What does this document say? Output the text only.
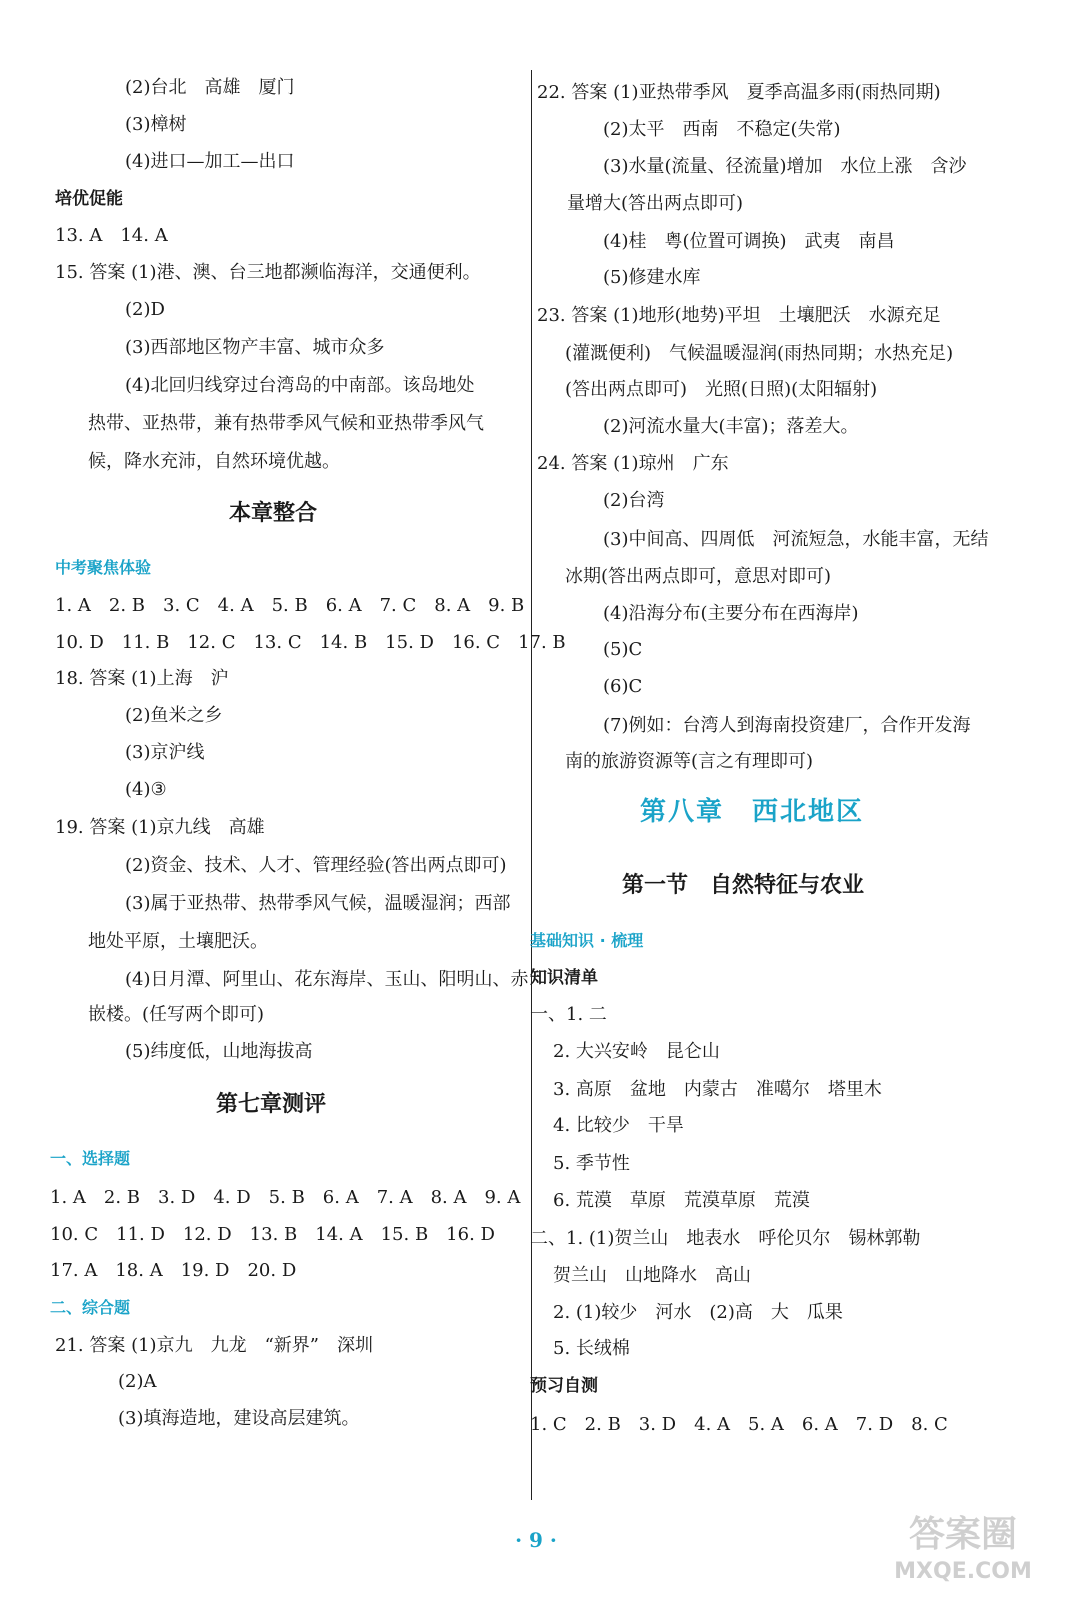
(2)台北　高雄　厦门
(3)樟树
(4)进口—加工—出口
培优促能
13. A　14. A
15. 答案 (1)港、澳、台三地都濒临海洋，交通便利。
(2)D
(3)西部地区物产丰富、城市众多
(4)北回归线穿过台湾岛的中南部。该岛地处
热带、亚热带，兼有热带季风气候和亚热带季风气
候，降水充沛，自然环境优越。
本章整合
中考聚焦体验
1. A　2. B　3. C　4. A　5. B　6. A　7. C　8. A　9. B
10. D　11. B　12. C　13. C　14. B　15. D　16. C　17. B
18. 答案 (1)上海　沪
(2)鱼米之乡
(3)京沪线
(4)③
19. 答案 (1)京九线　高雄
(2)资金、技术、人才、管理经验(答出两点即可)
(3)属于亚热带、热带季风气候，温暖湿润；西部
地处平原，土壤肥沃。
(4)日月潭、阿里山、花东海岸、玉山、阳明山、赤
嵌楼。(任写两个即可)
(5)纬度低，山地海拔高
第七章测评
一、选择题
1. A　2. B　3. D　4. D　5. B　6. A　7. A　8. A　9. A
10. C　11. D　12. D　13. B　14. A　15. B　16. D
17. A　18. A　19. D　20. D
二、综合题
21. 答案 (1)京九　九龙　“新界”　深圳
(2)A
(3)填海造地，建设高层建筑。
22. 答案 (1)亚热带季风　夏季高温多雨(雨热同期)
(2)太平　西南　不稳定(失常)
(3)水量(流量、径流量)增加　水位上涨　含沙
量增大(答出两点即可)
(4)桂　粤(位置可调换)　武夷　南昌
(5)修建水库
23. 答案 (1)地形(地势)平坦　土壤肥沃　水源充足
(灌溉便利)　气候温暖湿润(雨热同期；水热充足)
(答出两点即可)　光照(日照)(太阳辐射)
(2)河流水量大(丰富)；落差大。
24. 答案 (1)琼州　广东
(2)台湾
(3)中间高、四周低　河流短急，水能丰富，无结
冰期(答出两点即可，意思对即可)
(4)沿海分布(主要分布在西海岸)
(5)C
(6)C
(7)例如：台湾人到海南投资建厂，合作开发海
南的旅游资源等(言之有理即可)
第八章　西北地区
第一节　自然特征与农业
基础知识 · 梳理
知识清单
一、1. 二
2. 大兴安岭　昆仑山
3. 高原　盆地　内蒙古　准噶尔　塔里木
4. 比较少　干旱
5. 季节性
6. 荒漠　草原　荒漠草原　荒漠
二、1. (1)贺兰山　地表水　呼伦贝尔　锡林郭勒
贺兰山　山地降水　高山
2. (1)较少　河水　(2)高　大　瓜果
5. 长绒棉
预习自测
1. C　2. B　3. D　4. A　5. A　6. A　7. D　8. C
· 9 ·	答案圈
MXQE.COM
